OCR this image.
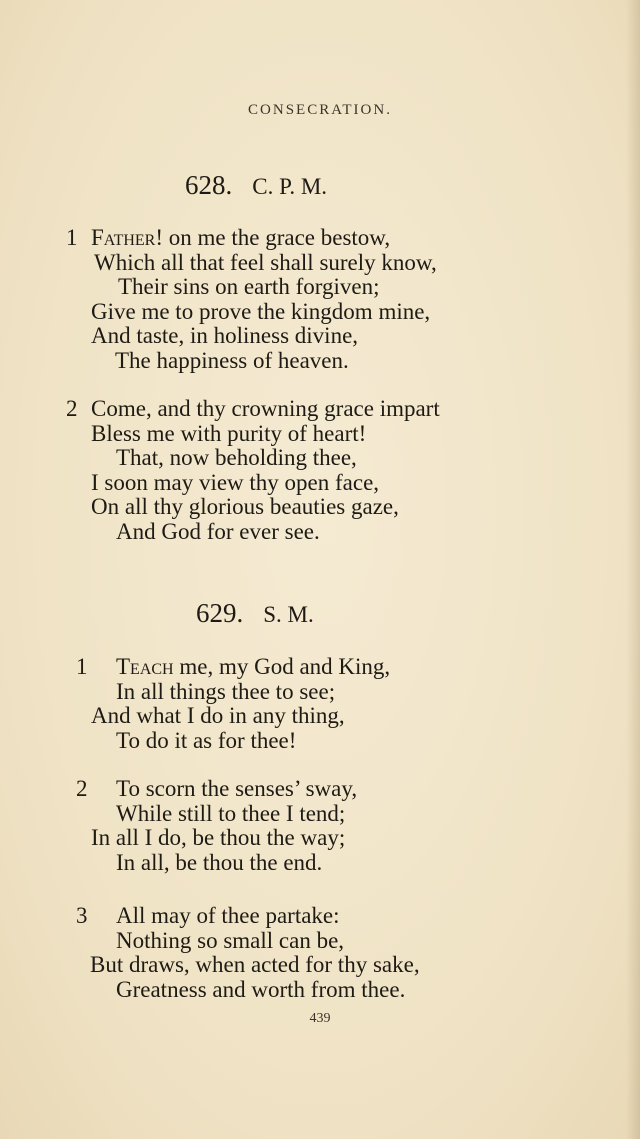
CONSECRATION.
628. C. P. M.
1 Father! on me the grace bestow,
Which all that feel shall surely know,
Their sins on earth forgiven;
Give me to prove the kingdom mine,
And taste, in holiness divine,
The happiness of heaven.
2 Come, and thy crowning grace impart
Bless me with purity of heart!
That, now beholding thee,
I soon may view thy open face,
On all thy glorious beauties gaze,
And God for ever see.
629. S. M.
1 Teach me, my God and King,
In all things thee to see;
And what I do in any thing,
To do it as for thee!
2 To scorn the senses’ sway,
While still to thee I tend;
In all I do, be thou the way;
In all, be thou the end.
3 All may of thee partake:
Nothing so small can be,
But draws, when acted for thy sake,
Greatness and worth from thee.
439
